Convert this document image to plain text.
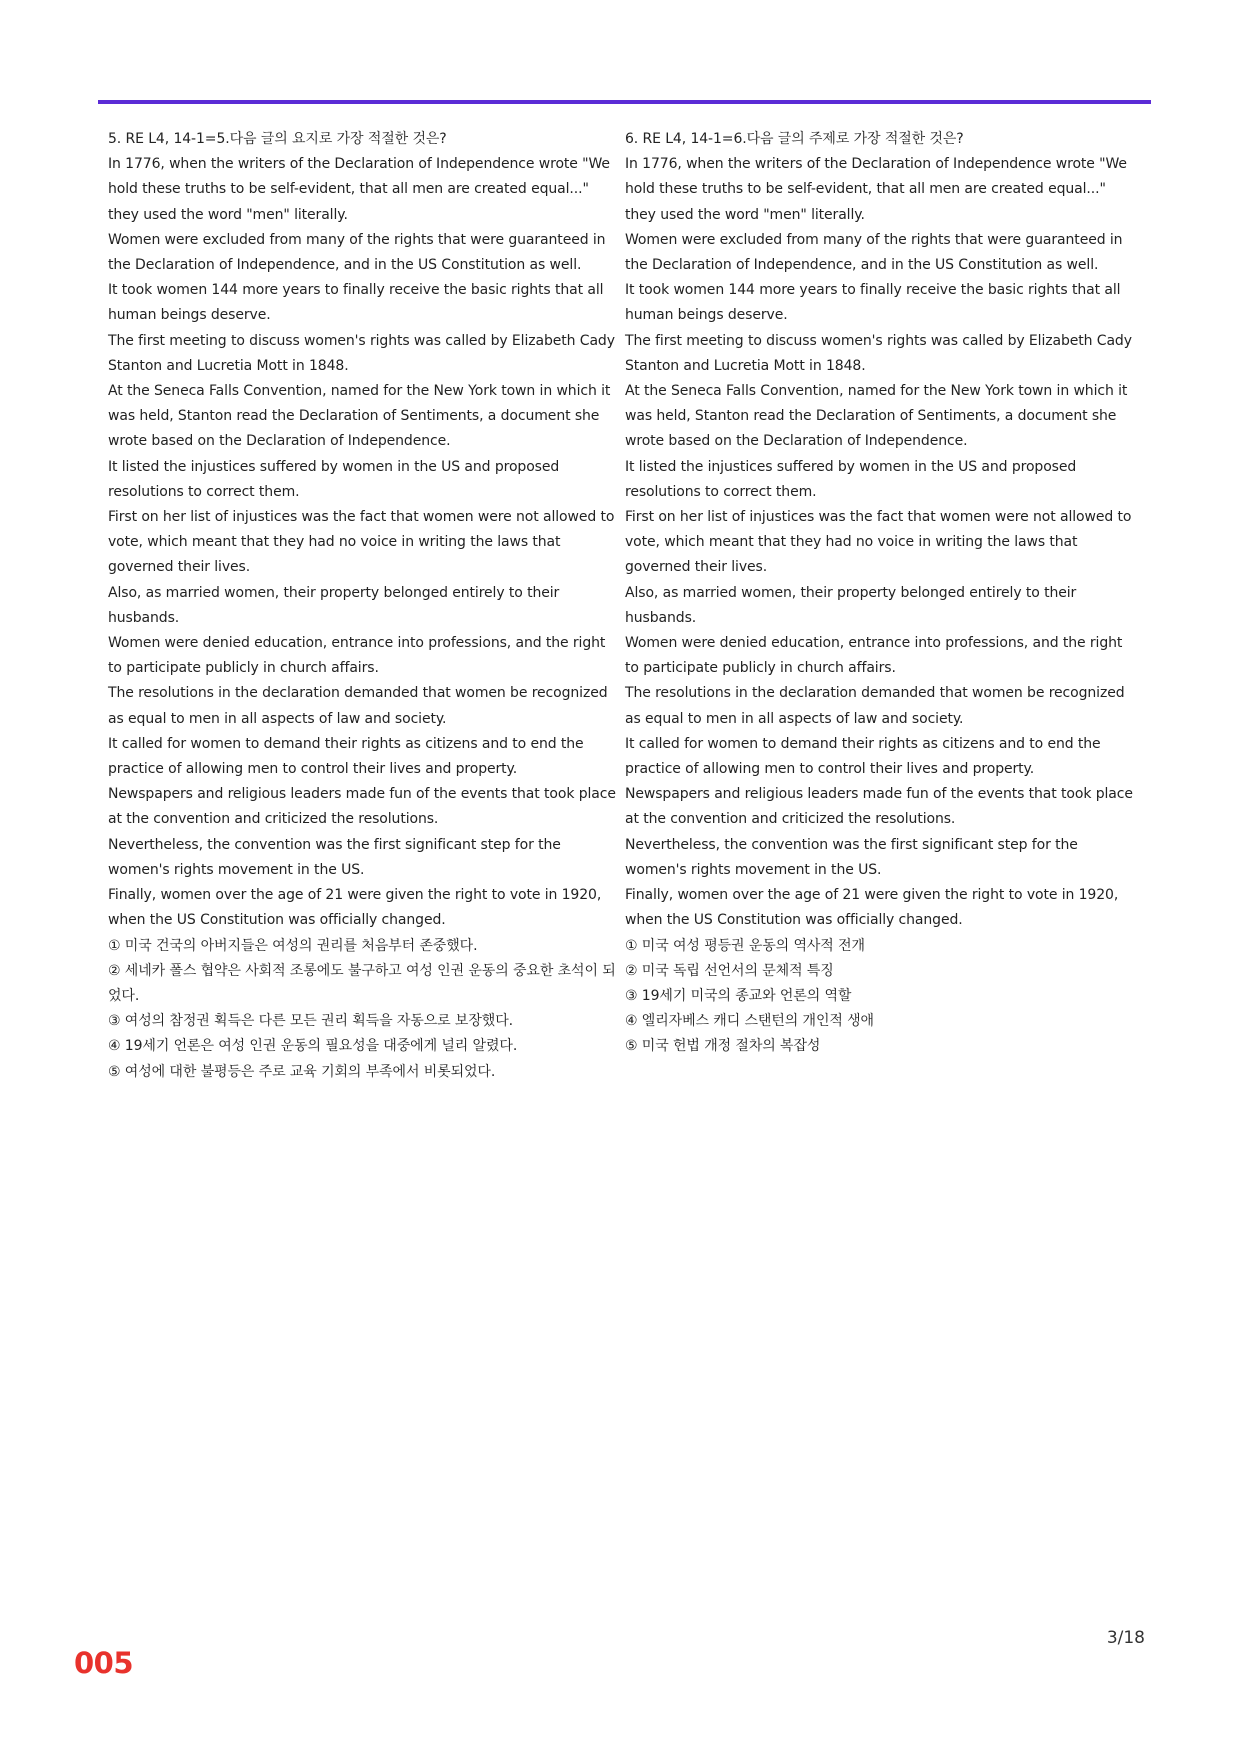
5. RE L4, 14-1=5.다음 글의 요지로 가장 적절한 것은?

In 1776, when the writers of the Declaration of Independence wrote "We hold these truths to be self-evident, that all men are created equal..." they used the word "men" literally.

Women were excluded from many of the rights that were guaranteed in the Declaration of Independence, and in the US Constitution as well.

It took women 144 more years to finally receive the basic rights that all human beings deserve.

The first meeting to discuss women's rights was called by Elizabeth Cady Stanton and Lucretia Mott in 1848.

At the Seneca Falls Convention, named for the New York town in which it was held, Stanton read the Declaration of Sentiments, a document she wrote based on the Declaration of Independence.

It listed the injustices suffered by women in the US and proposed resolutions to correct them.

First on her list of injustices was the fact that women were not allowed to vote, which meant that they had no voice in writing the laws that governed their lives.

Also, as married women, their property belonged entirely to their husbands.

Women were denied education, entrance into professions, and the right to participate publicly in church affairs.

The resolutions in the declaration demanded that women be recognized as equal to men in all aspects of law and society.

It called for women to demand their rights as citizens and to end the practice of allowing men to control their lives and property.

Newspapers and religious leaders made fun of the events that took place at the convention and criticized the resolutions.

Nevertheless, the convention was the first significant step for the women's rights movement in the US.

Finally, women over the age of 21 were given the right to vote in 1920, when the US Constitution was officially changed.

① 미국 건국의 아버지들은 여성의 권리를 처음부터 존중했다.

② 세네카 폴스 협약은 사회적 조롱에도 불구하고 여성 인권 운동의 중요한 초석이 되었다.

③ 여성의 참정권 획득은 다른 모든 권리 획득을 자동으로 보장했다.

④ 19세기 언론은 여성 인권 운동의 필요성을 대중에게 널리 알렸다.

⑤ 여성에 대한 불평등은 주로 교육 기회의 부족에서 비롯되었다.

6. RE L4, 14-1=6.다음 글의 주제로 가장 적절한 것은?

In 1776, when the writers of the Declaration of Independence wrote "We hold these truths to be self-evident, that all men are created equal..." they used the word "men" literally.

Women were excluded from many of the rights that were guaranteed in the Declaration of Independence, and in the US Constitution as well.

It took women 144 more years to finally receive the basic rights that all human beings deserve.

The first meeting to discuss women's rights was called by Elizabeth Cady Stanton and Lucretia Mott in 1848.

At the Seneca Falls Convention, named for the New York town in which it was held, Stanton read the Declaration of Sentiments, a document she wrote based on the Declaration of Independence.

It listed the injustices suffered by women in the US and proposed resolutions to correct them.

First on her list of injustices was the fact that women were not allowed to vote, which meant that they had no voice in writing the laws that governed their lives.

Also, as married women, their property belonged entirely to their husbands.

Women were denied education, entrance into professions, and the right to participate publicly in church affairs.

The resolutions in the declaration demanded that women be recognized as equal to men in all aspects of law and society.

It called for women to demand their rights as citizens and to end the practice of allowing men to control their lives and property.

Newspapers and religious leaders made fun of the events that took place at the convention and criticized the resolutions.

Nevertheless, the convention was the first significant step for the women's rights movement in the US.

Finally, women over the age of 21 were given the right to vote in 1920, when the US Constitution was officially changed.

① 미국 여성 평등권 운동의 역사적 전개

② 미국 독립 선언서의 문체적 특징

③ 19세기 미국의 종교와 언론의 역할

④ 엘리자베스 캐디 스탠턴의 개인적 생애

⑤ 미국 헌법 개정 절차의 복잡성

3/18
005
